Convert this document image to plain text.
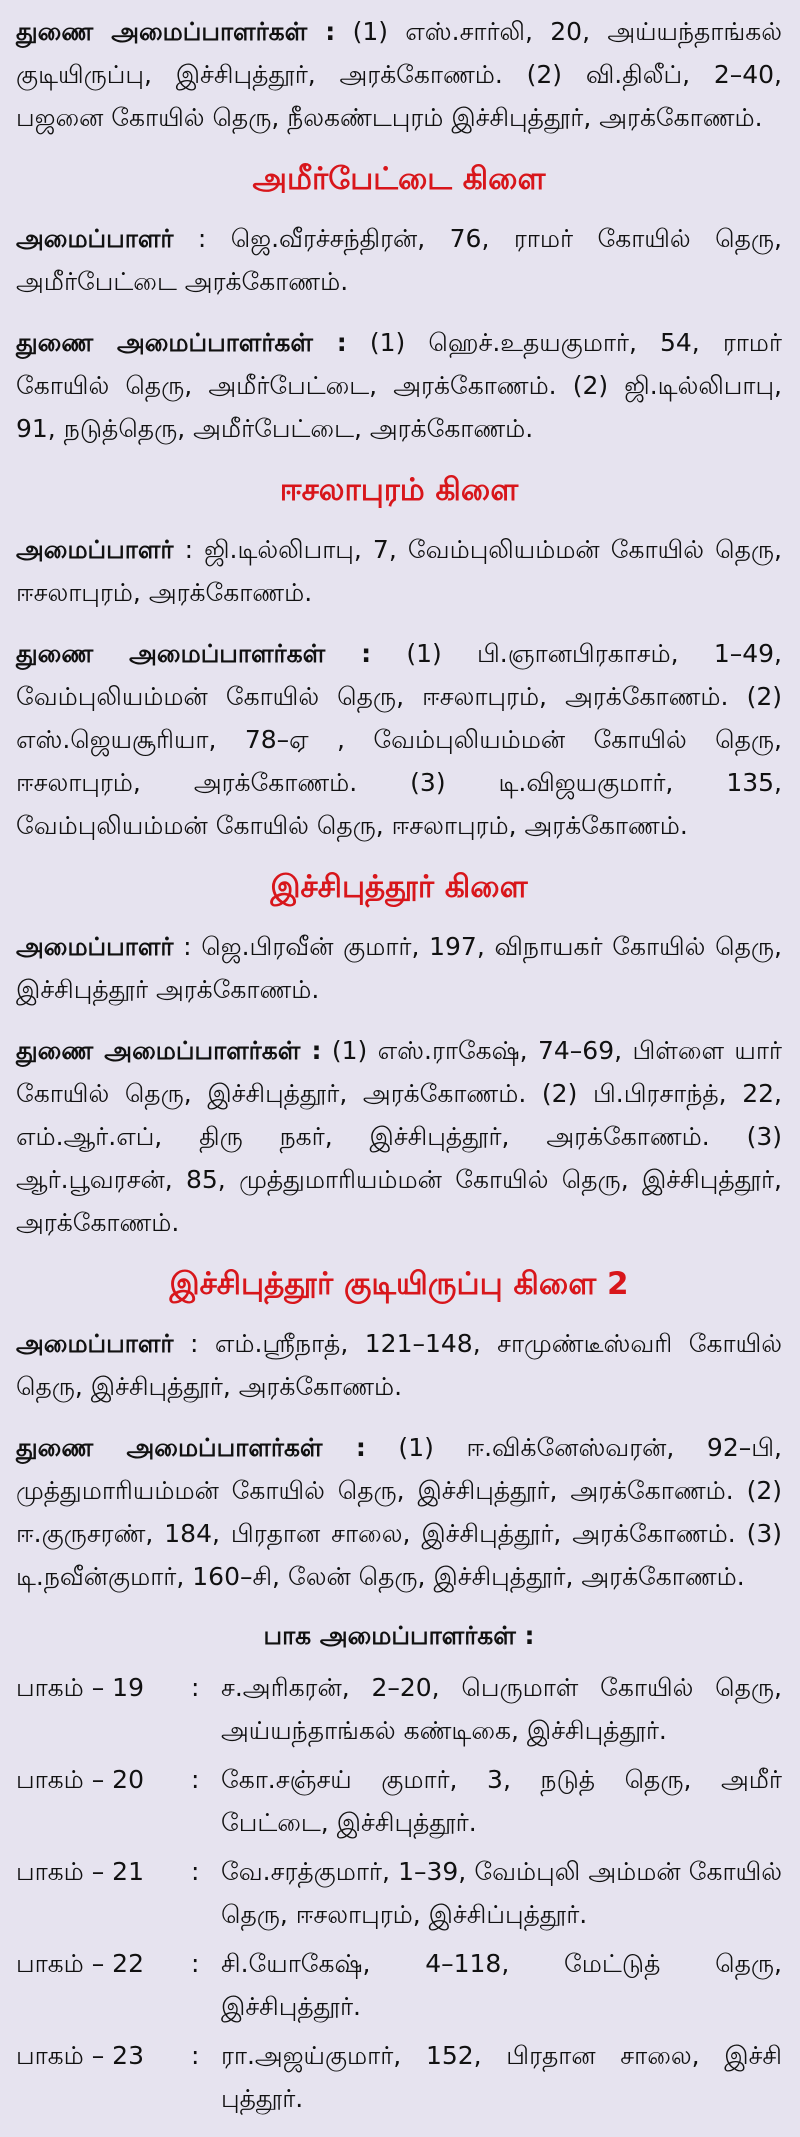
துணை அமைப்பாளர்கள் : (1) எஸ்.சார்லி, 20, அய்யந்தாங்கல் குடியிருப்பு, இச்சிபுத்தூர், அரக்கோணம். (2) வி.திலீப், 2–40, பஜனை கோயில் தெரு, நீலகண்டபுரம் இச்சிபுத்தூர், அரக்கோணம்.

அமீர்பேட்டை கிளை

அமைப்பாளர் : ஜெ.வீரச்சந்திரன், 76, ராமர் கோயில் தெரு, அமீர்பேட்டை அரக்கோணம்.

துணை அமைப்பாளர்கள் : (1) ஹெச்.உதயகுமார், 54, ராமர் கோயில் தெரு, அமீர்பேட்டை, அரக்கோணம். (2) ஜி.டில்லிபாபு, 91, நடுத்தெரு, அமீர்பேட்டை, அரக்கோணம்.

ஈசலாபுரம் கிளை

அமைப்பாளர் : ஜி.டில்லிபாபு, 7, வேம்புலியம்மன் கோயில் தெரு, ஈசலாபுரம், அரக்கோணம்.

துணை அமைப்பாளர்கள் : (1) பி.ஞானபிரகாசம், 1–49, வேம்புலியம்மன் கோயில் தெரு, ஈசலாபுரம், அரக்கோணம். (2) எஸ்.ஜெயசூரியா, 78–ஏ , வேம்புலியம்மன் கோயில் தெரு, ஈசலாபுரம், அரக்கோணம். (3) டி.விஜயகுமார், 135, வேம்புலியம்மன் கோயில் தெரு, ஈசலாபுரம், அரக்கோணம்.

இச்சிபுத்தூர் கிளை

அமைப்பாளர் : ஜெ.பிரவீன் குமார், 197, விநாயகர் கோயில் தெரு, இச்சிபுத்தூர் அரக்கோணம்.

துணை அமைப்பாளர்கள் : (1) எஸ்.ராகேஷ், 74–69, பிள்ளை யார் கோயில் தெரு, இச்சிபுத்தூர், அரக்கோணம். (2) பி.பிரசாந்த், 22, எம்.ஆர்.எப், திரு நகர், இச்சிபுத்தூர், அரக்கோணம். (3) ஆர்.பூவரசன், 85, முத்துமாரியம்மன் கோயில் தெரு, இச்சிபுத்தூர், அரக்கோணம்.

இச்சிபுத்தூர் குடியிருப்பு கிளை 2

அமைப்பாளர் : எம்.ஸ்ரீநாத், 121–148, சாமுண்டீஸ்வரி கோயில் தெரு, இச்சிபுத்தூர், அரக்கோணம்.

துணை அமைப்பாளர்கள் : (1) ஈ.விக்னேஸ்வரன், 92–பி, முத்துமாரியம்மன் கோயில் தெரு, இச்சிபுத்தூர், அரக்கோணம். (2) ஈ.குருசரண், 184, பிரதான சாலை, இச்சிபுத்தூர், அரக்கோணம். (3) டி.நவீன்குமார், 160–சி, லேன் தெரு, இச்சிபுத்தூர், அரக்கோணம்.

பாக அமைப்பாளர்கள் :
பாகம் – 19	: ச.அரிகரன், 2–20, பெருமாள் கோயில் தெரு, அய்யந்தாங்கல் கண்டிகை, இச்சிபுத்தூர்.
பாகம் – 20	: கோ.சஞ்சய் குமார், 3, நடுத் தெரு, அமீர் பேட்டை, இச்சிபுத்தூர்.
பாகம் – 21	: வே.சரத்குமார், 1–39, வேம்புலி அம்மன் கோயில் தெரு, ஈசலாபுரம், இச்சிப்புத்தூர்.
பாகம் – 22	: சி.யோகேஷ், 4–118, மேட்டுத் தெரு, இச்சிபுத்தூர்.
பாகம் – 23	: ரா.அஜய்குமார், 152, பிரதான சாலை, இச்சி புத்தூர்.
